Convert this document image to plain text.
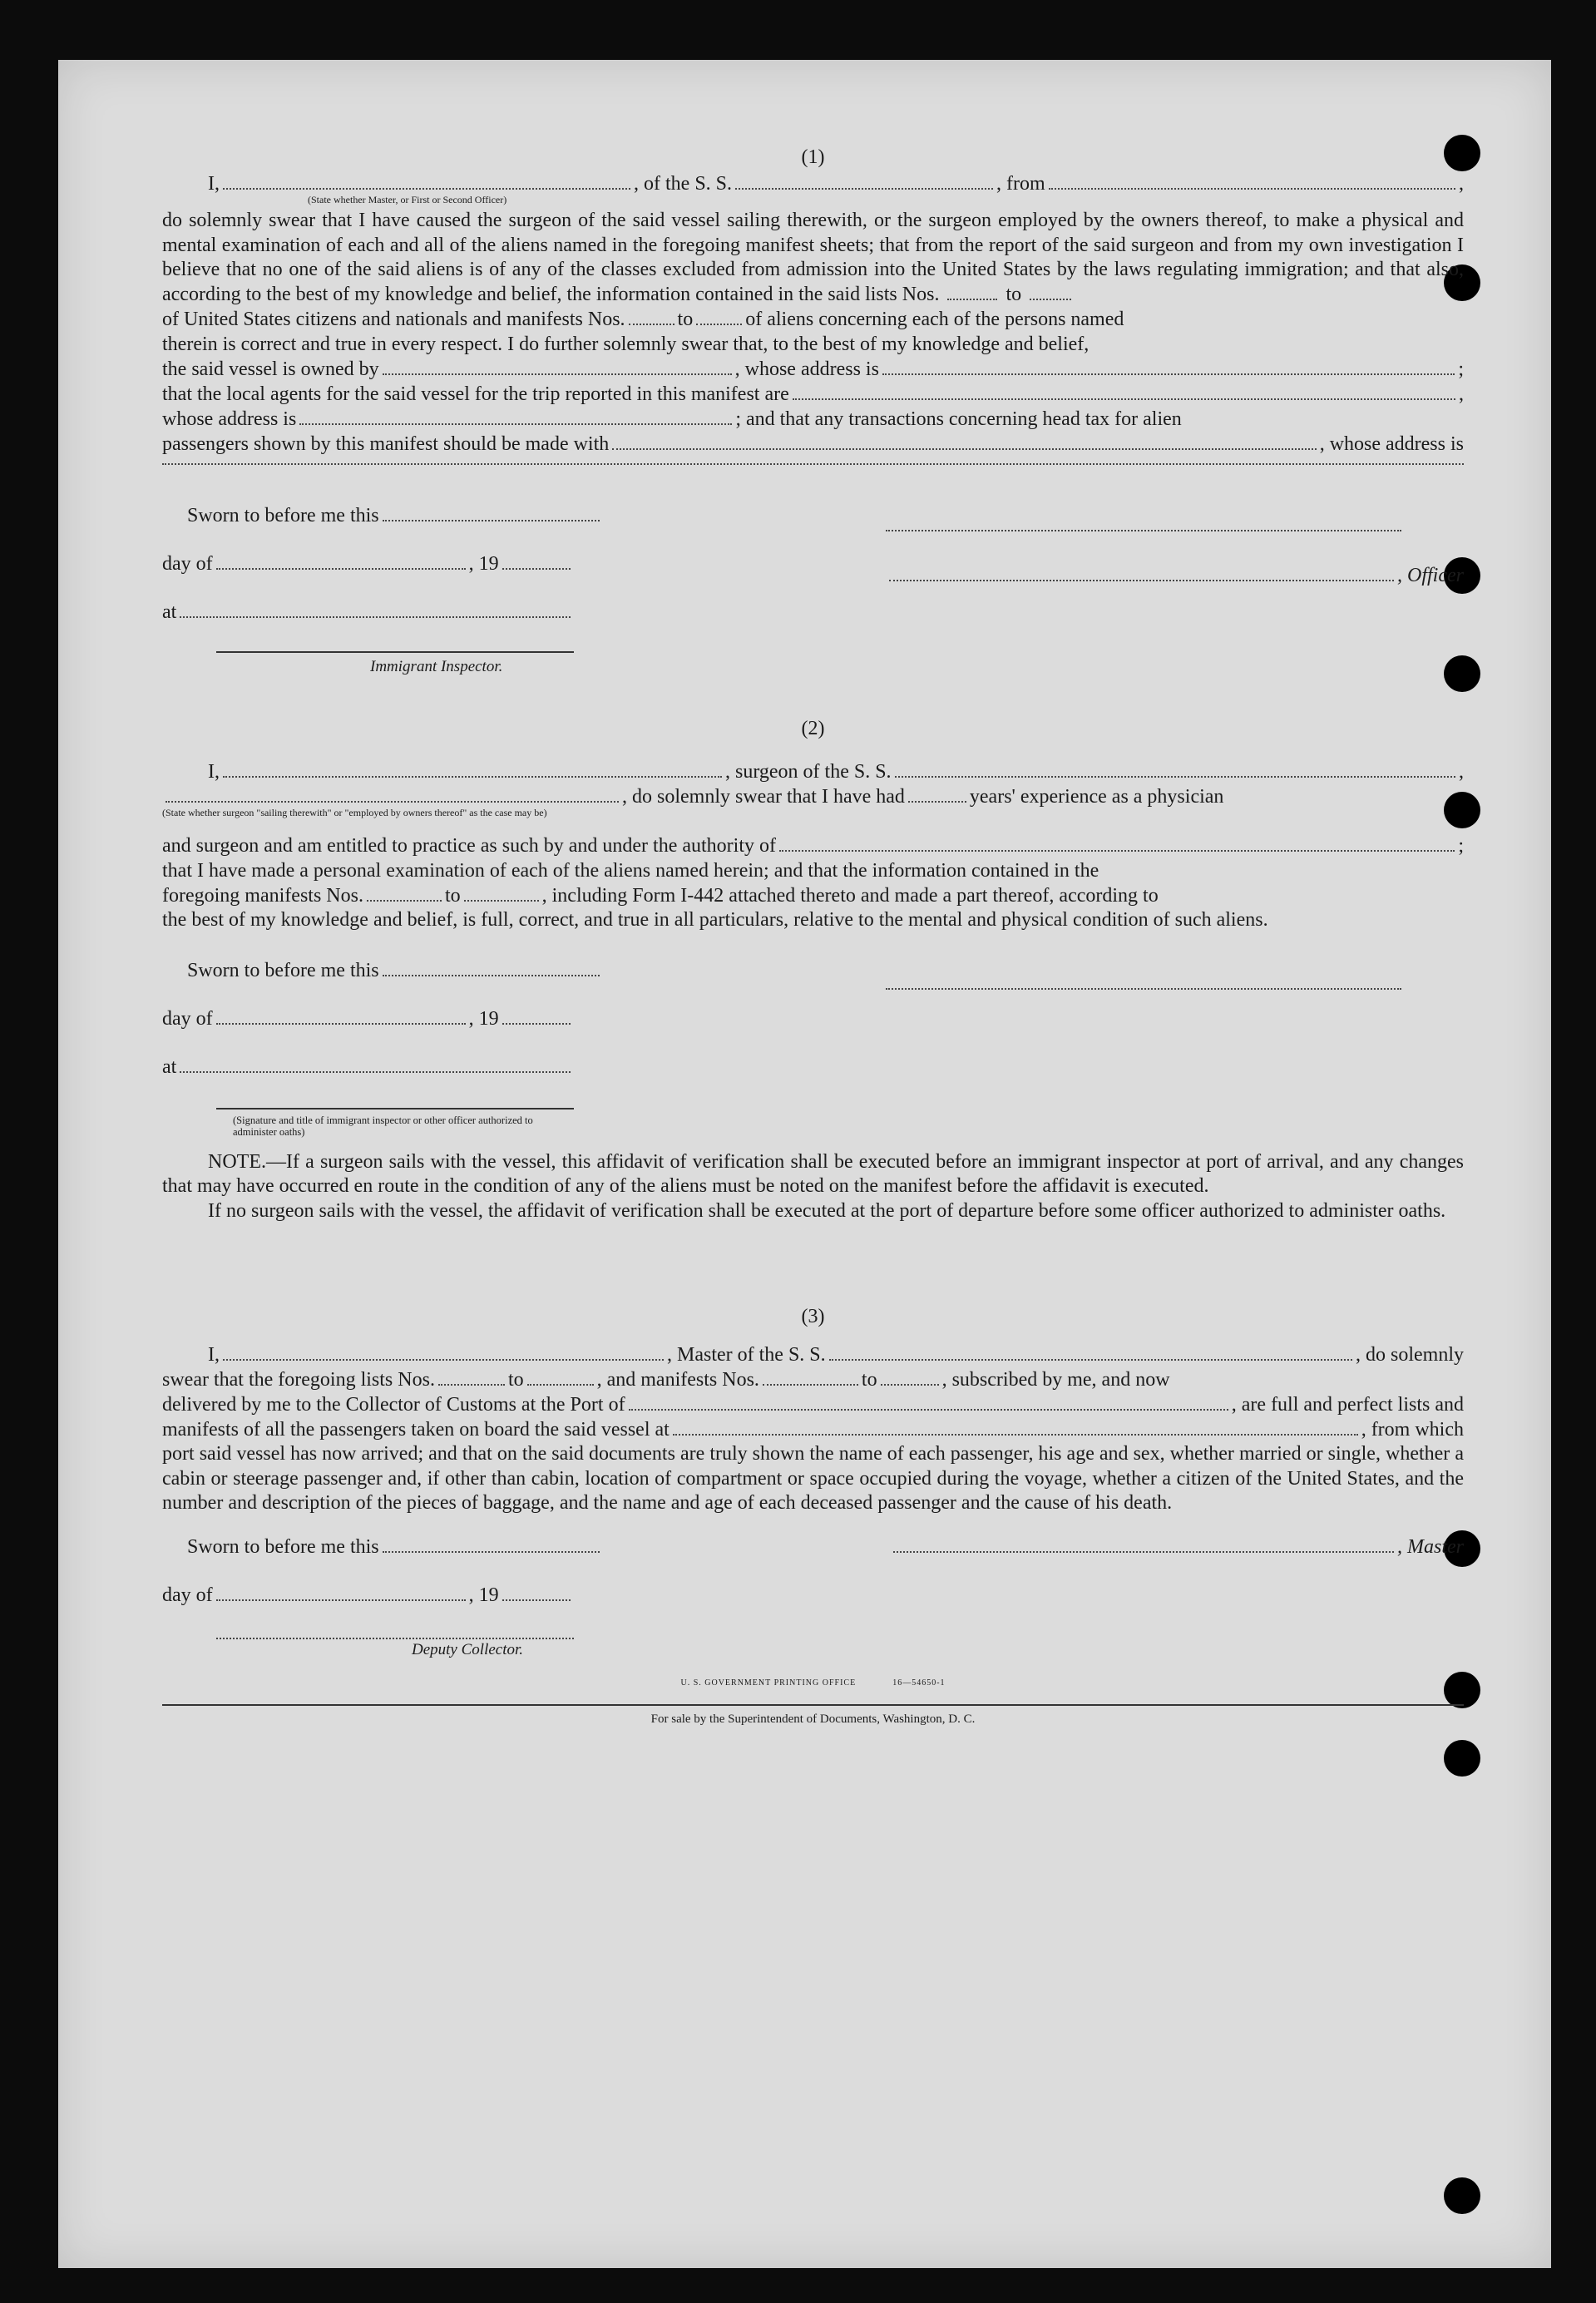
(1)
I,	, of the S. S.	, from	,
(State whether Master, or First or Second Officer)
do solemnly swear that I have caused the surgeon of the said vessel sailing therewith, or the surgeon employed by the owners thereof, to make a physical and mental examination of each and all of the aliens named in the foregoing manifest sheets; that from the report of the said surgeon and from my own investigation I believe that no one of the said aliens is of any of the classes excluded from admission into the United States by the laws regulating immigration; and that also, according to the best of my knowledge and belief, the information contained in the said lists Nos.	to
of United States citizens and nationals and manifests Nos.	to	of aliens concerning each of the persons named
therein is correct and true in every respect. I do further solemnly swear that, to the best of my knowledge and belief,
the said vessel is owned by	, whose address is	;
that the local agents for the said vessel for the trip reported in this manifest are	,
whose address is	; and that any transactions concerning head tax for alien
passengers shown by this manifest should be made with	, whose address is
Sworn to before me this
day of	, 19
at
Immigrant Inspector.
, Officer
(2)
I,	, surgeon of the S. S.	,
, do solemnly swear that I have had	years' experience as a physician
(State whether surgeon "sailing therewith" or "employed by owners thereof" as the case may be)
and surgeon and am entitled to practice as such by and under the authority of	;
that I have made a personal examination of each of the aliens named herein; and that the information contained in the
foregoing manifests Nos.	to	, including Form I-442 attached thereto and made a part thereof, according to
the best of my knowledge and belief, is full, correct, and true in all particulars, relative to the mental and physical condition of such aliens.
Sworn to before me this
day of	, 19
at
(Signature and title of immigrant inspector or other officer authorized to administer oaths)
NOTE.—If a surgeon sails with the vessel, this affidavit of verification shall be executed before an immigrant inspector at port of arrival, and any changes that may have occurred en route in the condition of any of the aliens must be noted on the manifest before the affidavit is executed.
If no surgeon sails with the vessel, the affidavit of verification shall be executed at the port of departure before some officer authorized to administer oaths.
(3)
I,	, Master of the S. S.	, do solemnly
swear that the foregoing lists Nos.	to	, and manifests Nos.	to	, subscribed by me, and now
delivered by me to the Collector of Customs at the Port of	, are full and perfect lists and
manifests of all the passengers taken on board the said vessel at	, from which
port said vessel has now arrived; and that on the said documents are truly shown the name of each passenger, his age and sex, whether married or single, whether a cabin or steerage passenger and, if other than cabin, location of compartment or space occupied during the voyage, whether a citizen of the United States, and the number and description of the pieces of baggage, and the name and age of each deceased passenger and the cause of his death.
Sworn to before me this
day of	, 19
Deputy Collector.
, Master
U. S. GOVERNMENT PRINTING OFFICE	16—54650-1
For sale by the Superintendent of Documents, Washington, D. C.
